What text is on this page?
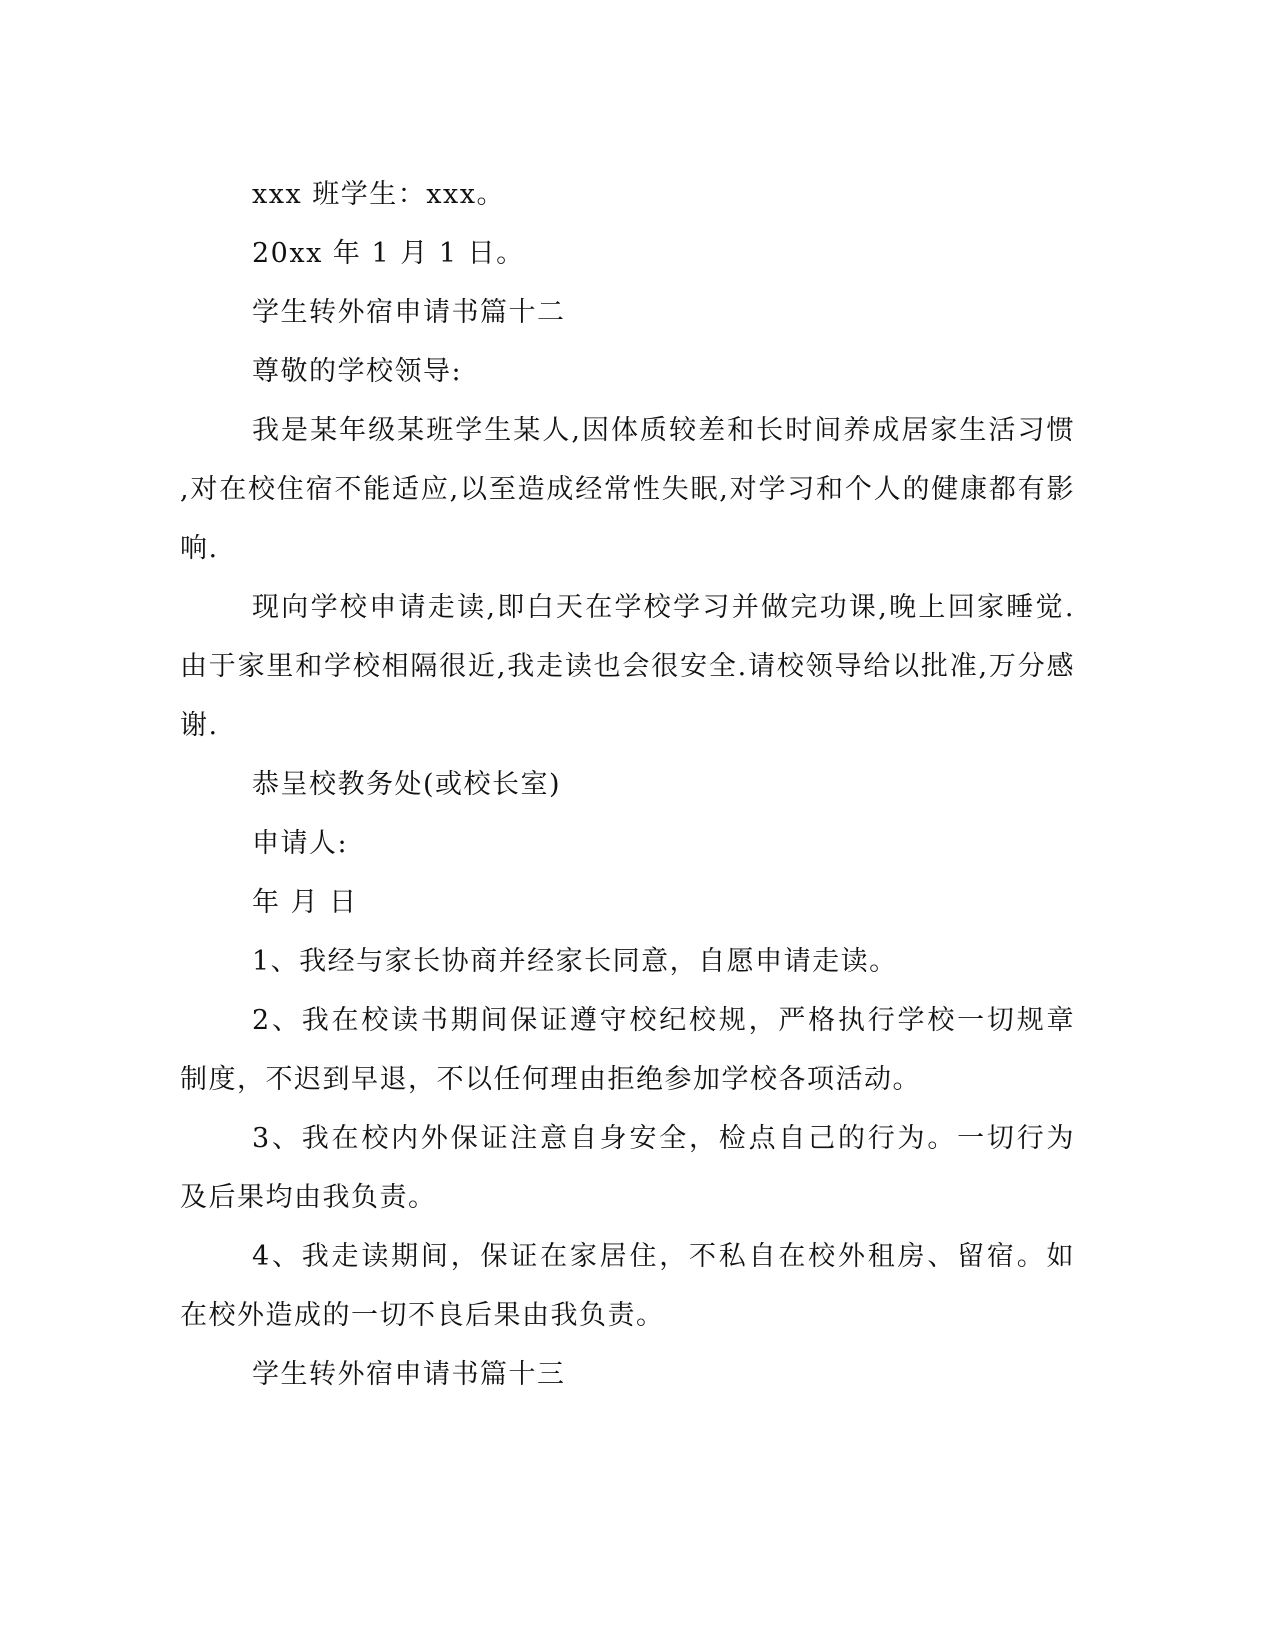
xxx 班学生：xxx。

20xx 年 1 月 1 日。

学生转外宿申请书篇十二

尊敬的学校领导:

我是某年级某班学生某人,因体质较差和长时间养成居家生活习惯

,对在校住宿不能适应,以至造成经常性失眠,对学习和个人的健康都有影

响.

现向学校申请走读,即白天在学校学习并做完功课,晚上回家睡觉.

由于家里和学校相隔很近,我走读也会很安全.请校领导给以批准,万分感

谢.

恭呈校教务处(或校长室)

申请人:

年 月 日

1、我经与家长协商并经家长同意，自愿申请走读。

2、我在校读书期间保证遵守校纪校规，严格执行学校一切规章

制度，不迟到早退，不以任何理由拒绝参加学校各项活动。

3、我在校内外保证注意自身安全，检点自己的行为。一切行为

及后果均由我负责。

4、我走读期间，保证在家居住，不私自在校外租房、留宿。如

在校外造成的一切不良后果由我负责。

学生转外宿申请书篇十三
